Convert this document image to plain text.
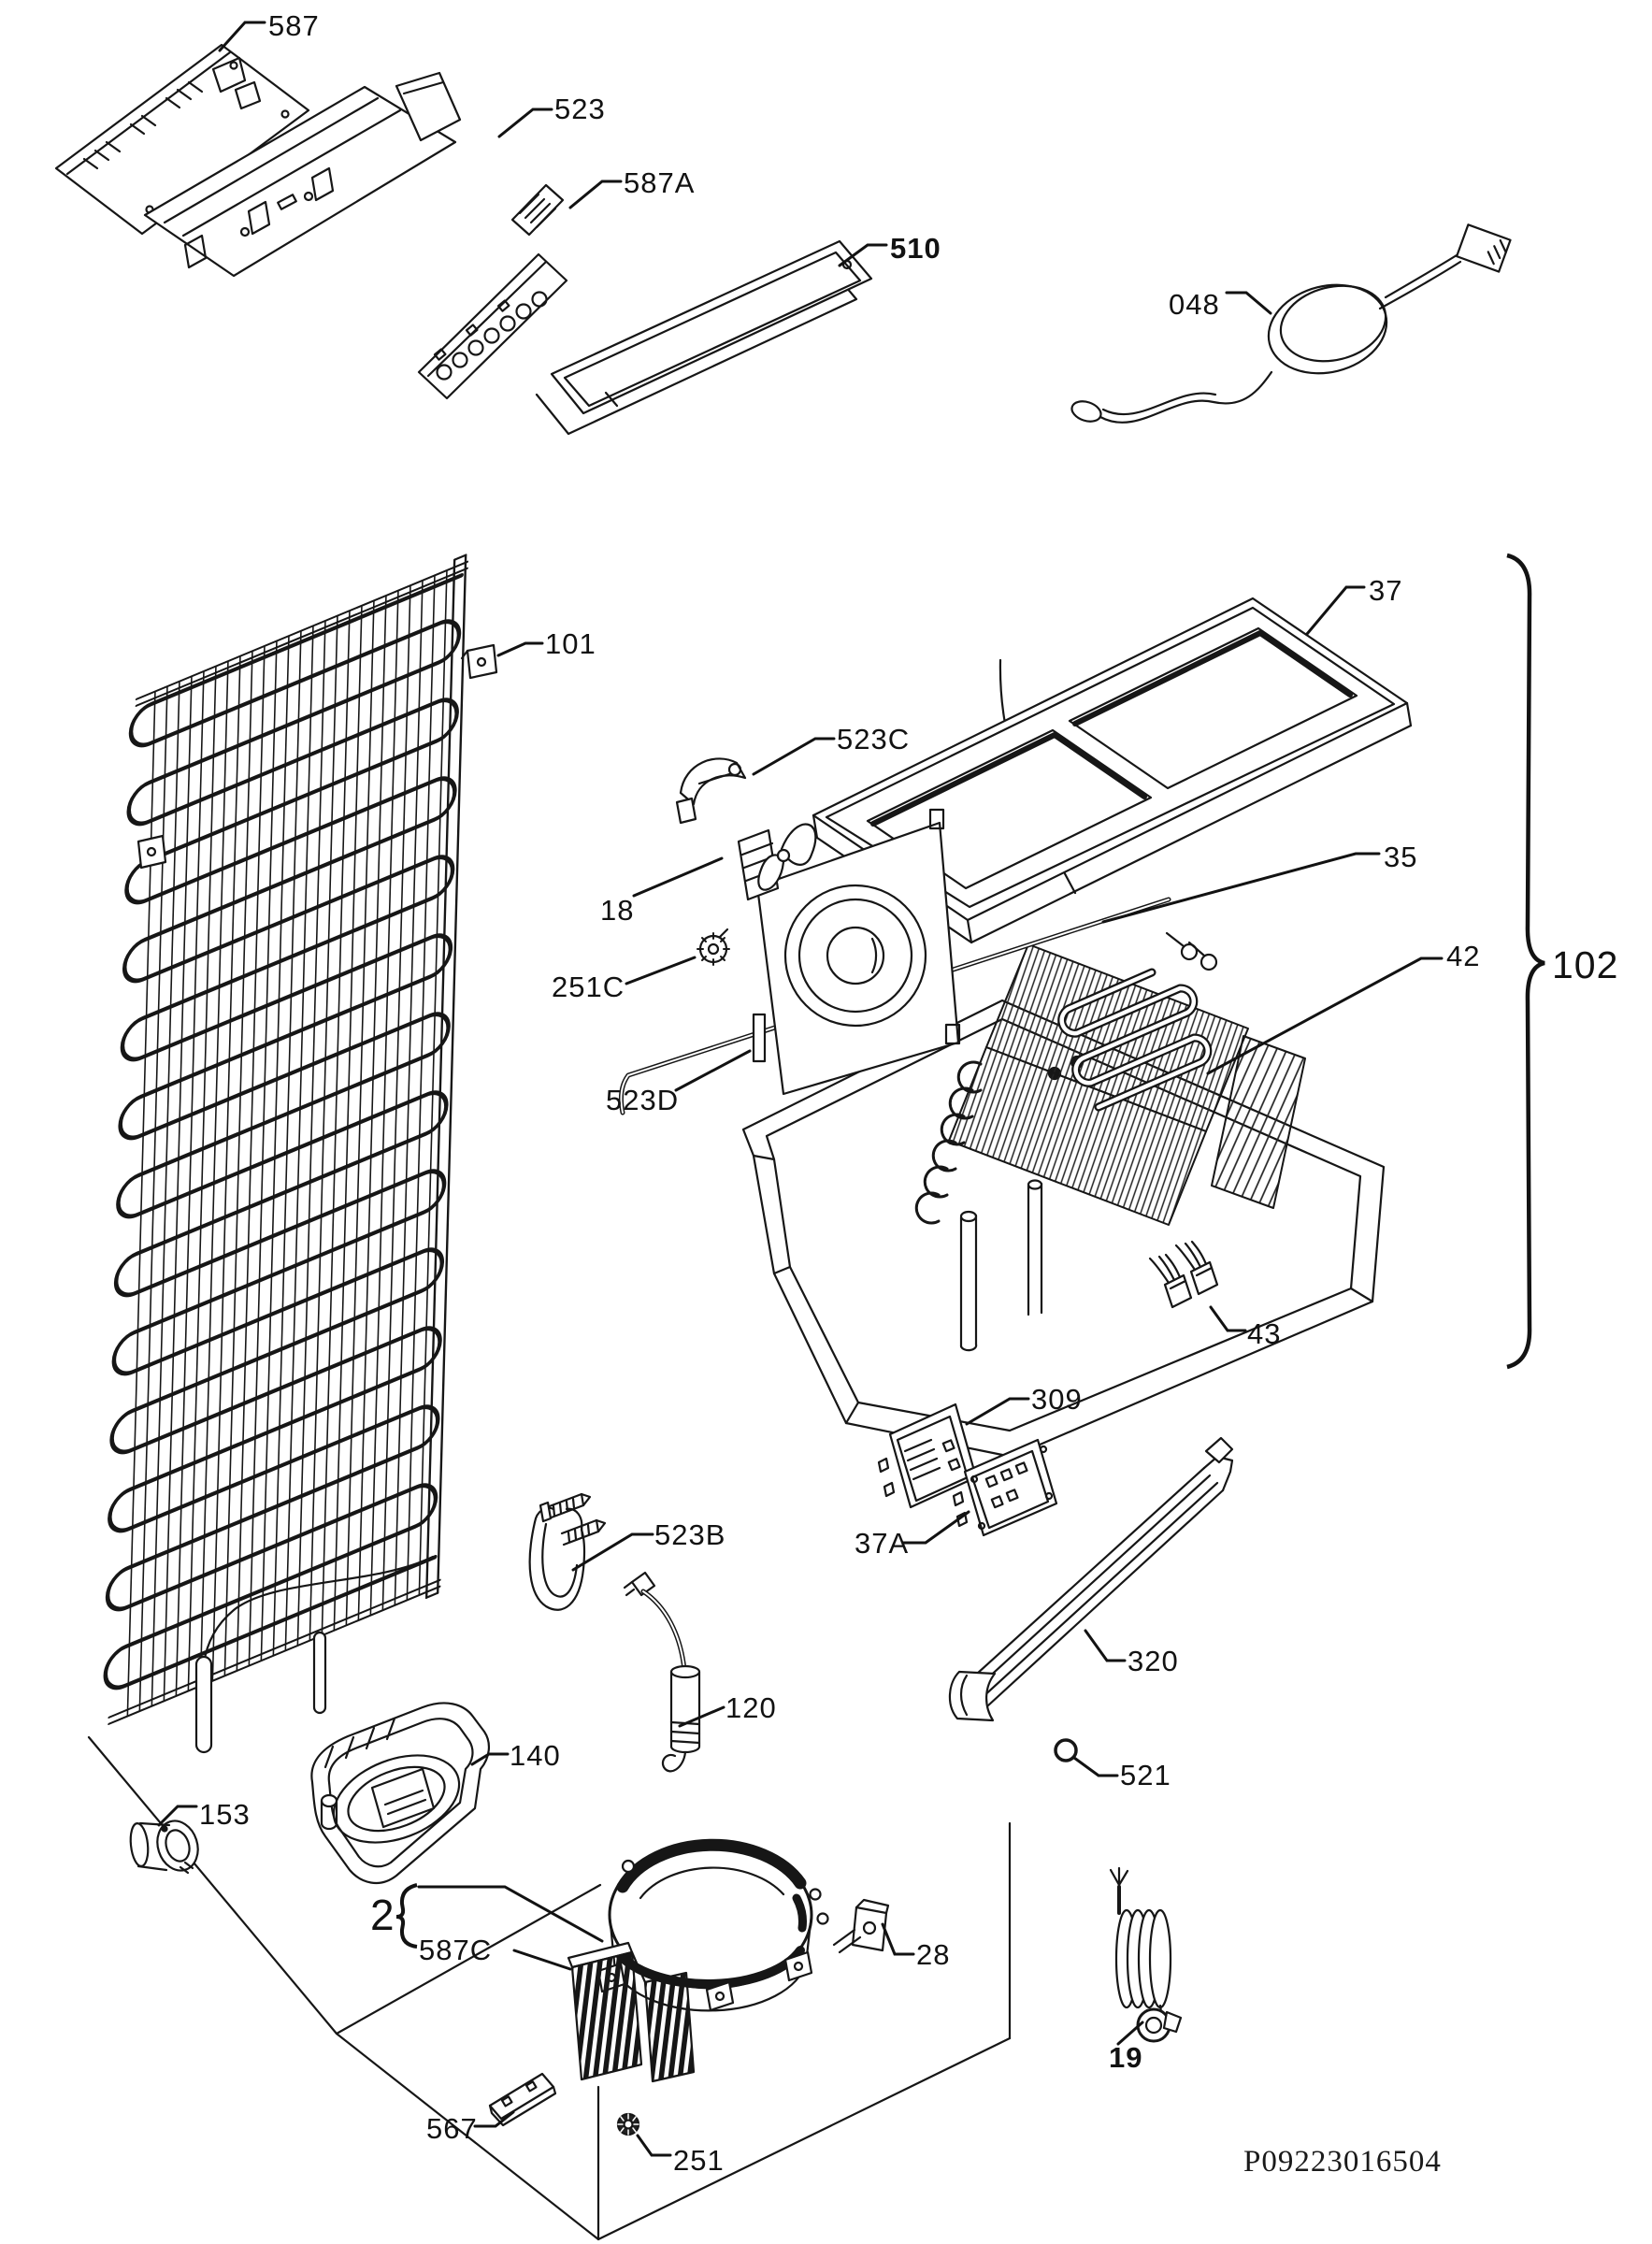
587
523
587A
510
048
101
37
523C
18
251C
35
42 102
523D
43
309
37A
523B
320
521
120
140
153
2
587C	28
19
567
251	P09223016504
